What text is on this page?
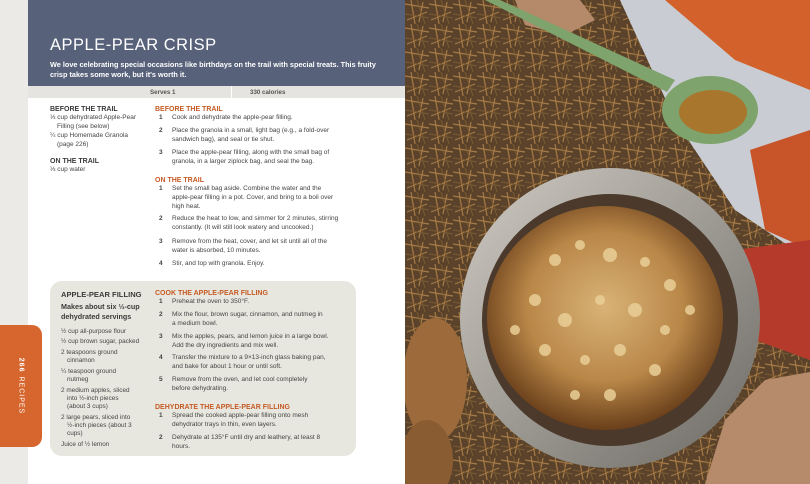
266RECIPES
APPLE-PEAR CRISP

We love celebrating special occasions like birthdays on the trail with special treats. This fruity crisp takes some work, but it's worth it.

Serves 1	330 calories
BEFORE THE TRAIL
⅓ cup dehydrated Apple-Pear
Filling (see below)
¼ cup Homemade Granola
(page 226)
ON THE TRAIL
⅓ cup water
BEFORE THE TRAIL
1 Cook and dehydrate the apple-pear filling.
2 Place the granola in a small, light bag (e.g., a fold-over
sandwich bag), and seal or tie shut.
3 Place the apple-pear filling, along with the small bag of
granola, in a larger ziplock bag, and seal the bag.
ON THE TRAIL
1 Set the small bag aside. Combine the water and the
apple-pear filling in a pot. Cover, and bring to a boil over
high heat.
2 Reduce the heat to low, and simmer for 2 minutes, stirring
constantly. (It will still look watery and uncooked.)
3 Remove from the heat, cover, and let sit until all of the
water is absorbed, 10 minutes.
4 Stir, and top with granola. Enjoy.
APPLE-PEAR FILLING
Makes about six ⅓-cup
dehydrated servings
½ cup all-purpose flour
½ cup brown sugar, packed
2 teaspoons ground
cinnamon
¼ teaspoon ground
nutmeg
2 medium apples, sliced
into ½-inch pieces
(about 3 cups)
2 large pears, sliced into
½-inch pieces (about 3
cups)
Juice of ½ lemon
COOK THE APPLE-PEAR FILLING
1 Preheat the oven to 350°F.
2 Mix the flour, brown sugar, cinnamon, and nutmeg in
a medium bowl.
3 Mix the apples, pears, and lemon juice in a large bowl.
Add the dry ingredients and mix well.
4 Transfer the mixture to a 9×13-inch glass baking pan,
and bake for about 1 hour or until soft.
5 Remove from the oven, and let cool completely
before dehydrating.
DEHYDRATE THE APPLE-PEAR FILLING
1 Spread the cooked apple-pear filling onto mesh
dehydrator trays in thin, even layers.
2 Dehydrate at 135°F until dry and leathery, at least 8
hours.
